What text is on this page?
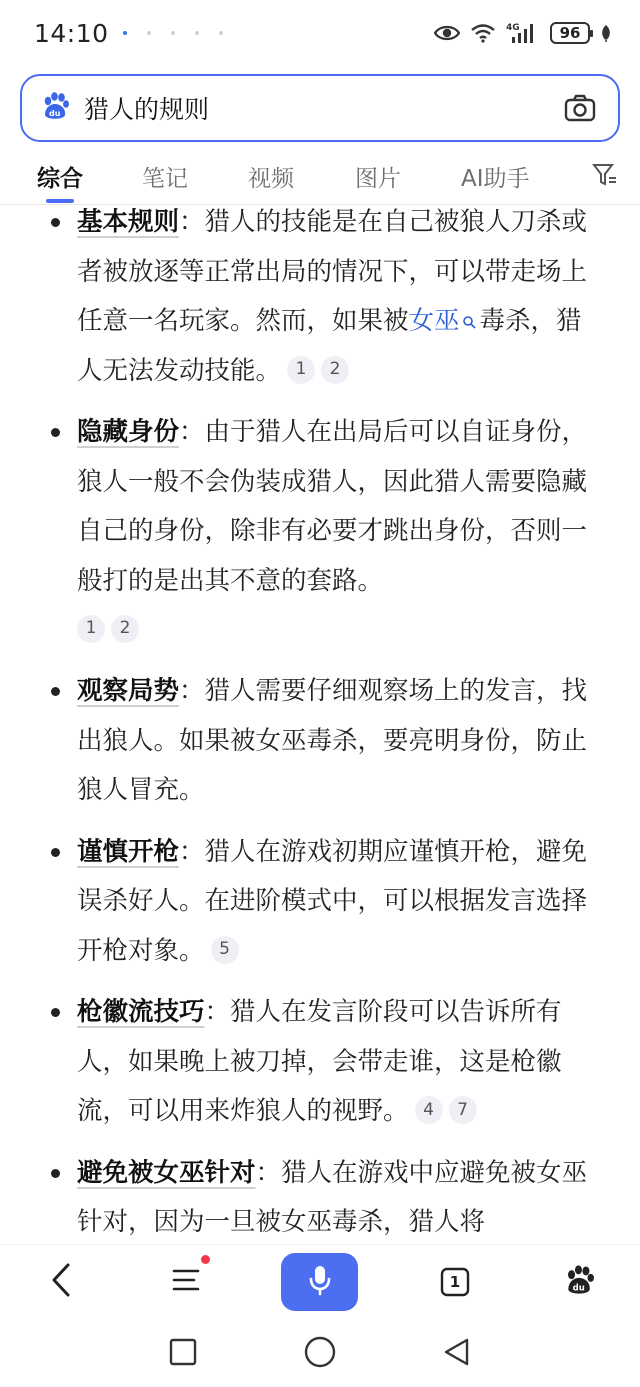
14:10	4G	96
du 猎人的规则
综合	笔记	视频	图片	AI助手
基本规则：猎人的技能是在自己被狼人刀杀或者被放逐等正常出局的情况下，可以带走场上任意一名玩家。然而，如果被女巫 毒杀，猎人无法发动技能。 1 2
隐藏身份：由于猎人在出局后可以自证身份，狼人一般不会伪装成猎人，因此猎人需要隐藏自己的身份，除非有必要才跳出身份，否则一般打的是出其不意的套路。
1	2
观察局势：猎人需要仔细观察场上的发言，找出狼人。如果被女巫毒杀，要亮明身份，防止狼人冒充。
谨慎开枪：猎人在游戏初期应谨慎开枪，避免误杀好人。在进阶模式中，可以根据发言选择开枪对象。 5
枪徽流技巧：猎人在发言阶段可以告诉所有人，如果晚上被刀掉，会带走谁，这是枪徽流，可以用来炸狼人的视野。 4 7
避免被女巫针对：猎人在游戏中应避免被女巫针对，因为一旦被女巫毒杀，猎人将
1	du
